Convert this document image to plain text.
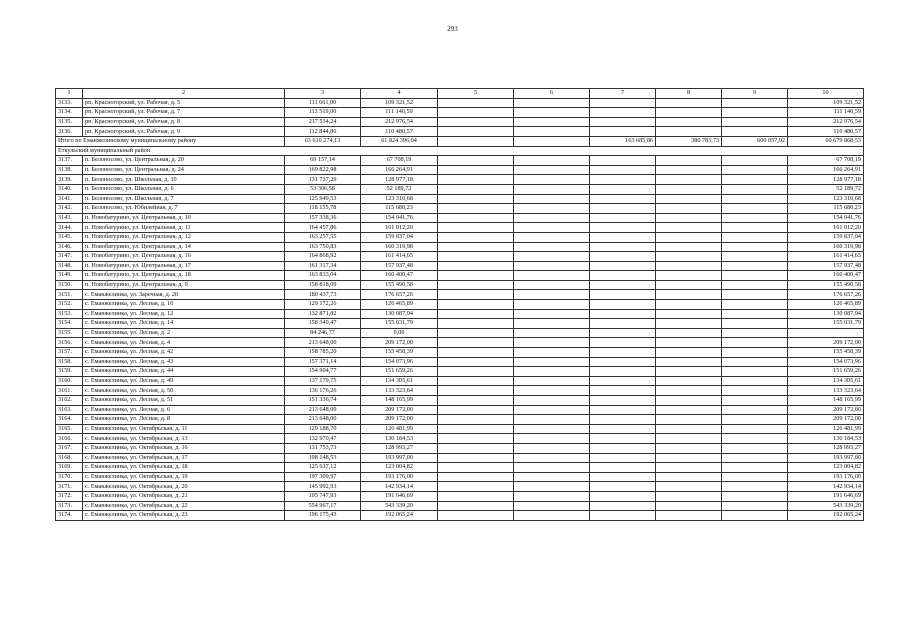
293
1	2	3	4	5	6	7	8	9	10
3133.	рп. Красногорский, ул. Рабочая, д. 5	111 661,00	109 321,52						109 321,52
3134.	рп. Красногорский, ул. Рабочая, д. 7	113 519,00	111 140,59						111 140,59
3135.	рп. Красногорский, ул. Рабочая, д. 8	217 534,24	212 976,54						212 976,54
3136.	рп. Красногорский, ул. Рабочая, д. 9	112 844,86	110 480,57						110 480,57
Итого по Еманжелинскому муниципальному району		63 610 274,13	61 824 396,04			163 685,86	380 783,73	600 057,92	60 679 868,53
Еткульский муниципальный район									
3137.	п. Белоносово, ул. Центральная, д. 20	69 157,14	67 708,19						67 708,19
3138.	п. Белоносово, ул. Центральная, д. 24	169 822,98	166 264,91						166 264,91
3139.	п. Белоносово, ул. Школьная, д. 10	131 737,29	128 977,18						128 977,18
3140.	п. Белоносово, ул. Школьная, д. 6	53 306,58	52 189,72						52 189,72
3141.	п. Белоносово, ул. Школьная, д. 7	125 949,53	123 310,68						123 310,68
3142.	п. Белоносово, ул. Юбилейная, д. 7	118 155,78	115 680,23						115 680,23
3143.	п. Новобатурино, ул. Центральная, д. 10	157 338,36	154 041,76						154 041,76
3144.	п. Новобатурино, ул. Центральная, д. 11	164 457,86	161 012,20						161 012,20
3145.	п. Новобатурино, ул. Центральная, д. 12	163 257,55	159 837,04						159 837,04
3146.	п. Новобатурино, ул. Центральная, д. 14	163 750,83	160 319,98						160 319,98
3147.	п. Новобатурино, ул. Центральная, д. 16	164 868,92	161 414,65						161 414,65
3148.	п. Новобатурино, ул. Центральная, д. 17	161 317,34	157 937,48						157 937,48
3149.	п. Новобатурино, ул. Центральная, д. 18	163 833,04	160 400,47						160 400,47
3150.	п. Новобатурино, ул. Центральная, д. 9	158 818,09	155 490,58						155 490,58
3151.	с. Еманжелинка, ул. Заречная, д. 20	180 437,73	176 657,26						176 657,26
3152.	с. Еманжелинка, ул. Лесная, д. 10	129 172,26	126 465,89						126 465,89
3153.	с. Еманжелинка, ул. Лесная, д. 12	132 871,82	130 087,94						130 087,94
3154.	с. Еманжелинка, ул. Лесная, д. 14	158 349,47	155 031,79						155 031,79
3155.	с. Еманжелинка, ул. Лесная, д. 2	84 246,77	0,00						
3156.	с. Еманжелинка, ул. Лесная, д. 4	213 648,00	209 172,00						209 172,00
3157.	с. Еманжелинка, ул. Лесная, д. 42	158 785,20	155 458,39						155 458,39
3158.	с. Еманжелинка, ул. Лесная, д. 43	157 371,14	154 073,96						154 073,96
3159.	с. Еманжелинка, ул. Лесная, д. 44	154 904,77	151 659,26						151 659,26
3160.	с. Еманжелинка, ул. Лесная, д. 49	137 179,75	134 305,61						134 305,61
3161.	с. Еманжелинка, ул. Лесная, д. 50	136 176,26	133 323,64						133 323,64
3162.	с. Еманжелинка, ул. Лесная, д. 51	151 336,74	148 165,99						148 165,99
3163.	с. Еманжелинка, ул. Лесная, д. 6	213 648,00	209 172,00						209 172,00
3164.	с. Еманжелинка, ул. Лесная, д. 8	213 648,00	209 172,00						209 172,00
3165.	с. Еманжелинка, ул. Октябрьская, д. 11	129 188,70	126 481,99						126 481,99
3166.	с. Еманжелинка, ул. Октябрьская, д. 13	132 970,47	130 184,53						130 184,53
3167.	с. Еманжелинка, ул. Октябрьская, д. 16	131 753,73	128 993,27						128 993,27
3168.	с. Еманжелинка, ул. Октябрьская, д. 17	198 148,53	193 997,00						193 997,00
3169.	с. Еманжелинка, ул. Октябрьская, д. 18	125 637,12	123 004,82						123 004,82
3170.	с. Еманжелинка, ул. Октябрьская, д. 19	197 309,97	193 176,00						193 176,00
3171.	с. Еманжелинка, ул. Октябрьская, д. 20	145 992,93	142 934,14						142 934,14
3172.	с. Еманжелинка, ул. Октябрьская, д. 21	195 747,93	191 646,69						191 646,69
3173.	с. Еманжелинка, ул. Октябрьская, д. 22	554 967,17	543 339,20						543 339,20
3174.	с. Еманжелинка, ул. Октябрьская, д. 23	196 175,43	192 065,24						192 065,24
